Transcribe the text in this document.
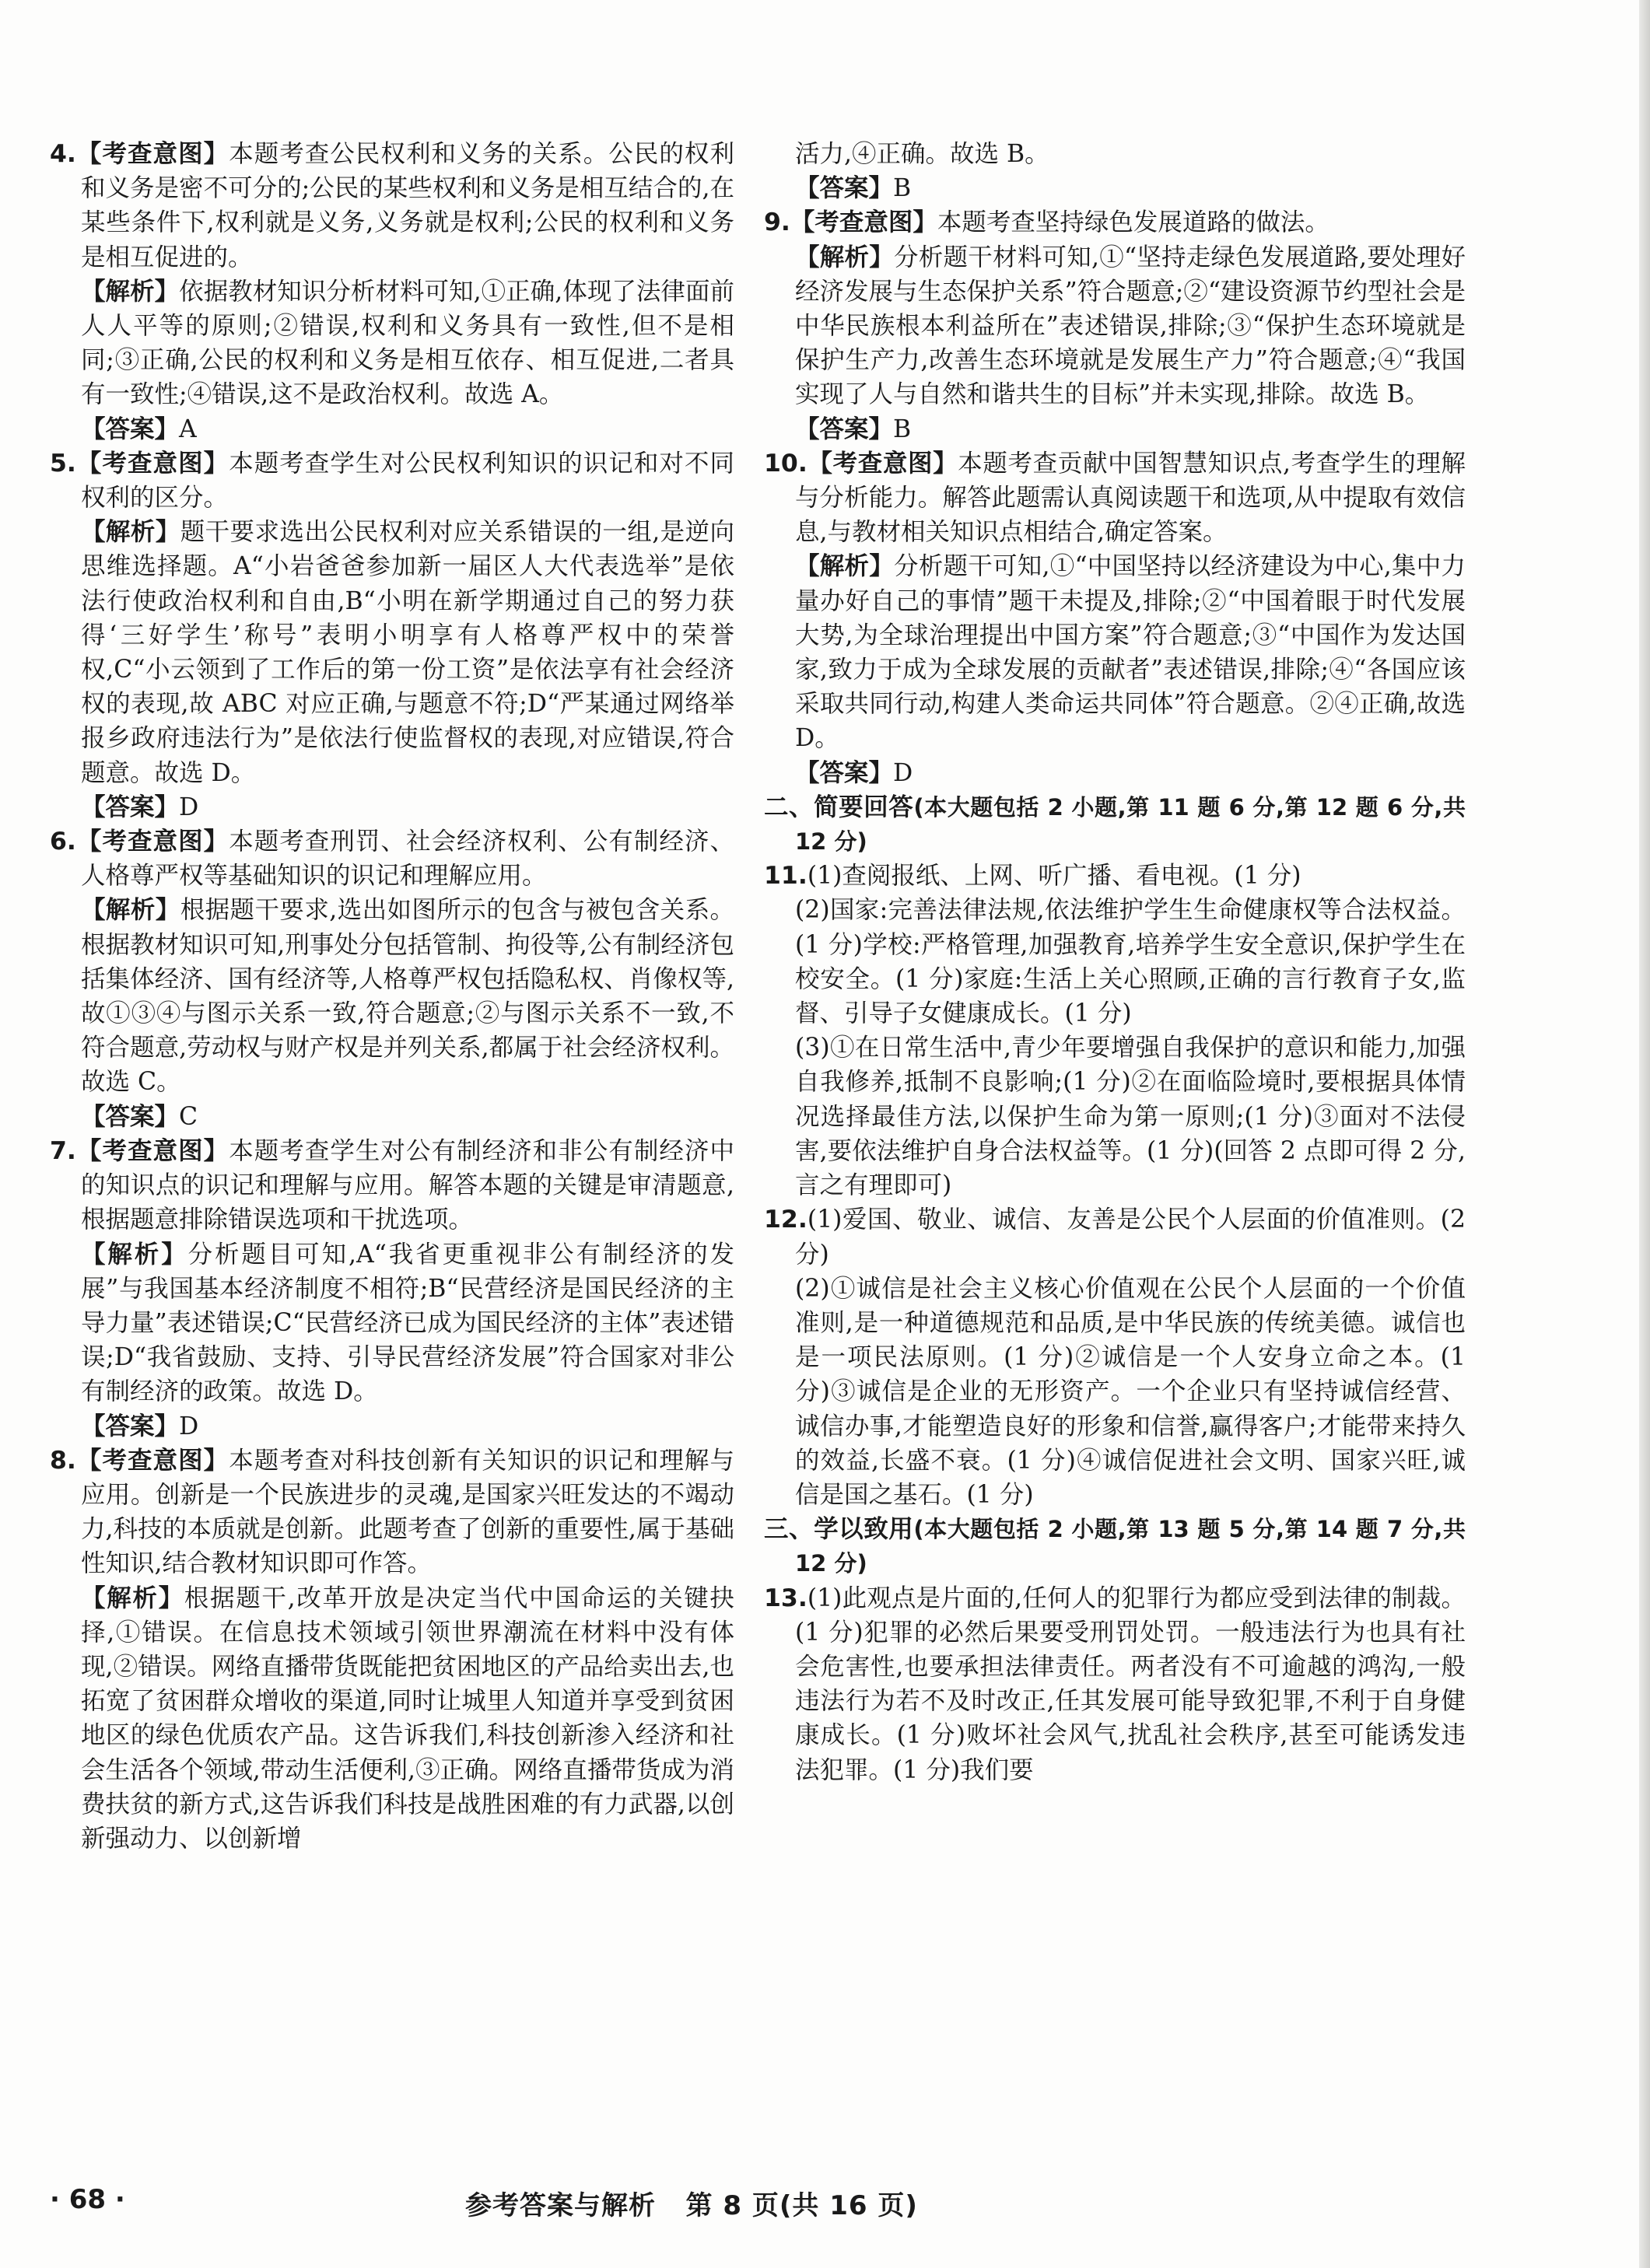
4.【考查意图】本题考查公民权利和义务的关系。公民的权利和义务是密不可分的;公民的某些权利和义务是相互结合的,在某些条件下,权利就是义务,义务就是权利;公民的权利和义务是相互促进的。

【解析】依据教材知识分析材料可知,①正确,体现了法律面前人人平等的原则;②错误,权利和义务具有一致性,但不是相同;③正确,公民的权利和义务是相互依存、相互促进,二者具有一致性;④错误,这不是政治权利。故选 A。

【答案】A

5.【考查意图】本题考查学生对公民权利知识的识记和对不同权利的区分。

【解析】题干要求选出公民权利对应关系错误的一组,是逆向思维选择题。A“小岩爸爸参加新一届区人大代表选举”是依法行使政治权利和自由,B“小明在新学期通过自己的努力获得‘三好学生’称号”表明小明享有人格尊严权中的荣誉权,C“小云领到了工作后的第一份工资”是依法享有社会经济权的表现,故 ABC 对应正确,与题意不符;D“严某通过网络举报乡政府违法行为”是依法行使监督权的表现,对应错误,符合题意。故选 D。

【答案】D

6.【考查意图】本题考查刑罚、社会经济权利、公有制经济、人格尊严权等基础知识的识记和理解应用。

【解析】根据题干要求,选出如图所示的包含与被包含关系。根据教材知识可知,刑事处分包括管制、拘役等,公有制经济包括集体经济、国有经济等,人格尊严权包括隐私权、肖像权等,故①③④与图示关系一致,符合题意;②与图示关系不一致,不符合题意,劳动权与财产权是并列关系,都属于社会经济权利。故选 C。

【答案】C

7.【考查意图】本题考查学生对公有制经济和非公有制经济中的知识点的识记和理解与应用。解答本题的关键是审清题意,根据题意排除错误选项和干扰选项。

【解析】分析题目可知,A“我省更重视非公有制经济的发展”与我国基本经济制度不相符;B“民营经济是国民经济的主导力量”表述错误;C“民营经济已成为国民经济的主体”表述错误;D“我省鼓励、支持、引导民营经济发展”符合国家对非公有制经济的政策。故选 D。

【答案】D

8.【考查意图】本题考查对科技创新有关知识的识记和理解与应用。创新是一个民族进步的灵魂,是国家兴旺发达的不竭动力,科技的本质就是创新。此题考查了创新的重要性,属于基础性知识,结合教材知识即可作答。

【解析】根据题干,改革开放是决定当代中国命运的关键抉择,①错误。在信息技术领域引领世界潮流在材料中没有体现,②错误。网络直播带货既能把贫困地区的产品给卖出去,也拓宽了贫困群众增收的渠道,同时让城里人知道并享受到贫困地区的绿色优质农产品。这告诉我们,科技创新渗入经济和社会生活各个领域,带动生活便利,③正确。网络直播带货成为消费扶贫的新方式,这告诉我们科技是战胜困难的有力武器,以创新强动力、以创新增

活力,④正确。故选 B。

【答案】B

9.【考查意图】本题考查坚持绿色发展道路的做法。

【解析】分析题干材料可知,①“坚持走绿色发展道路,要处理好经济发展与生态保护关系”符合题意;②“建设资源节约型社会是中华民族根本利益所在”表述错误,排除;③“保护生态环境就是保护生产力,改善生态环境就是发展生产力”符合题意;④“我国实现了人与自然和谐共生的目标”并未实现,排除。故选 B。

【答案】B

10.【考查意图】本题考查贡献中国智慧知识点,考查学生的理解与分析能力。解答此题需认真阅读题干和选项,从中提取有效信息,与教材相关知识点相结合,确定答案。

【解析】分析题干可知,①“中国坚持以经济建设为中心,集中力量办好自己的事情”题干未提及,排除;②“中国着眼于时代发展大势,为全球治理提出中国方案”符合题意;③“中国作为发达国家,致力于成为全球发展的贡献者”表述错误,排除;④“各国应该采取共同行动,构建人类命运共同体”符合题意。②④正确,故选 D。

【答案】D

二、简要回答(本大题包括 2 小题,第 11 题 6 分,第 12 题 6 分,共 12 分)

11.(1)查阅报纸、上网、听广播、看电视。(1 分)

(2)国家:完善法律法规,依法维护学生生命健康权等合法权益。(1 分)学校:严格管理,加强教育,培养学生安全意识,保护学生在校安全。(1 分)家庭:生活上关心照顾,正确的言行教育子女,监督、引导子女健康成长。(1 分)

(3)①在日常生活中,青少年要增强自我保护的意识和能力,加强自我修养,抵制不良影响;(1 分)②在面临险境时,要根据具体情况选择最佳方法,以保护生命为第一原则;(1 分)③面对不法侵害,要依法维护自身合法权益等。(1 分)(回答 2 点即可得 2 分,言之有理即可)

12.(1)爱国、敬业、诚信、友善是公民个人层面的价值准则。(2 分)

(2)①诚信是社会主义核心价值观在公民个人层面的一个价值准则,是一种道德规范和品质,是中华民族的传统美德。诚信也是一项民法原则。(1 分)②诚信是一个人安身立命之本。(1 分)③诚信是企业的无形资产。一个企业只有坚持诚信经营、诚信办事,才能塑造良好的形象和信誉,赢得客户;才能带来持久的效益,长盛不衰。(1 分)④诚信促进社会文明、国家兴旺,诚信是国之基石。(1 分)

三、学以致用(本大题包括 2 小题,第 13 题 5 分,第 14 题 7 分,共 12 分)

13.(1)此观点是片面的,任何人的犯罪行为都应受到法律的制裁。(1 分)犯罪的必然后果要受刑罚处罚。一般违法行为也具有社会危害性,也要承担法律责任。两者没有不可逾越的鸿沟,一般违法行为若不及时改正,任其发展可能导致犯罪,不利于自身健康成长。(1 分)败坏社会风气,扰乱社会秩序,甚至可能诱发违法犯罪。(1 分)我们要

· 68 ·	参考答案与解析   第 8 页(共 16 页)
